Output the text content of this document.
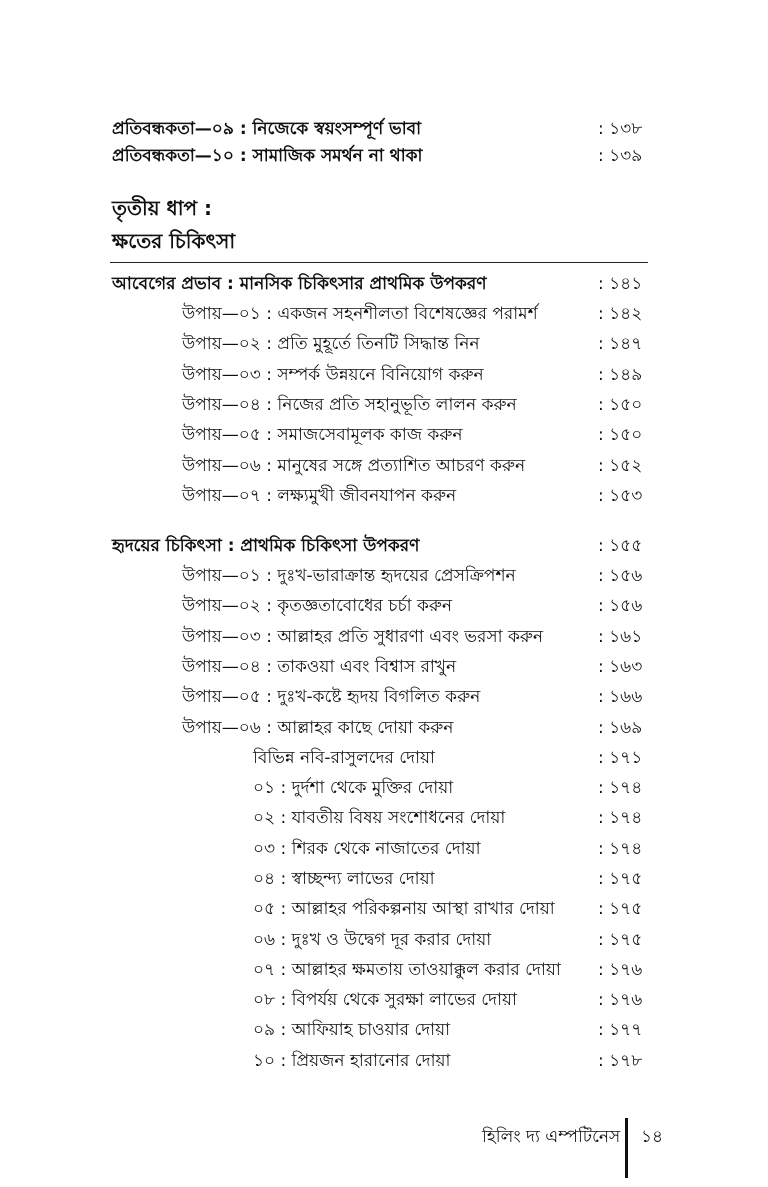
প্রতিবন্ধকতা—০৯ : নিজেকে স্বয়ংসম্পূর্ণ ভাবা	: ১৩৮
প্রতিবন্ধকতা—১০ : সামাজিক সমর্থন না থাকা	: ১৩৯
তৃতীয় ধাপ :
ক্ষতের চিকিৎসা
আবেগের প্রভাব : মানসিক চিকিৎসার প্রাথমিক উপকরণ	: ১৪১
উপায়—০১ : একজন সহনশীলতা বিশেষজ্ঞের পরামর্শ	: ১৪২
উপায়—০২ : প্রতি মুহূর্তে তিনটি সিদ্ধান্ত নিন	: ১৪৭
উপায়—০৩ : সম্পর্ক উন্নয়নে বিনিয়োগ করুন	: ১৪৯
উপায়—০৪ : নিজের প্রতি সহানুভূতি লালন করুন	: ১৫০
উপায়—০৫ : সমাজসেবামূলক কাজ করুন	: ১৫০
উপায়—০৬ : মানুষের সঙ্গে প্রত্যাশিত আচরণ করুন	: ১৫২
উপায়—০৭ : লক্ষ্যমুখী জীবনযাপন করুন	: ১৫৩
হৃদয়ের চিকিৎসা : প্রাথমিক চিকিৎসা উপকরণ	: ১৫৫
উপায়—০১ : দুঃখ-ভারাক্রান্ত হৃদয়ের প্রেসক্রিপশন	: ১৫৬
উপায়—০২ : কৃতজ্ঞতাবোধের চর্চা করুন	: ১৫৬
উপায়—০৩ : আল্লাহর প্রতি সুধারণা এবং ভরসা করুন	: ১৬১
উপায়—০৪ : তাকওয়া এবং বিশ্বাস রাখুন	: ১৬৩
উপায়—০৫ : দুঃখ-কষ্টে হৃদয় বিগলিত করুন	: ১৬৬
উপায়—০৬ : আল্লাহর কাছে দোয়া করুন	: ১৬৯
বিভিন্ন নবি-রাসুলদের দোয়া	: ১৭১
০১ : দুর্দশা থেকে মুক্তির দোয়া	: ১৭৪
০২ : যাবতীয় বিষয় সংশোধনের দোয়া	: ১৭৪
০৩ : শিরক থেকে নাজাতের দোয়া	: ১৭৪
০৪ : স্বাচ্ছন্দ্য লাভের দোয়া	: ১৭৫
০৫ : আল্লাহর পরিকল্পনায় আস্থা রাখার দোয়া	: ১৭৫
০৬ : দুঃখ ও উদ্বেগ দূর করার দোয়া	: ১৭৫
০৭ : আল্লাহর ক্ষমতায় তাওয়াক্কুল করার দোয়া : ১৭৬
০৮ : বিপর্যয় থেকে সুরক্ষা লাভের দোয়া	: ১৭৬
০৯ : আফিয়াহ চাওয়ার দোয়া	: ১৭৭
১০ : প্রিয়জন হারানোর দোয়া	: ১৭৮
হিলিং দ্য এম্পটিনেস ১৪
